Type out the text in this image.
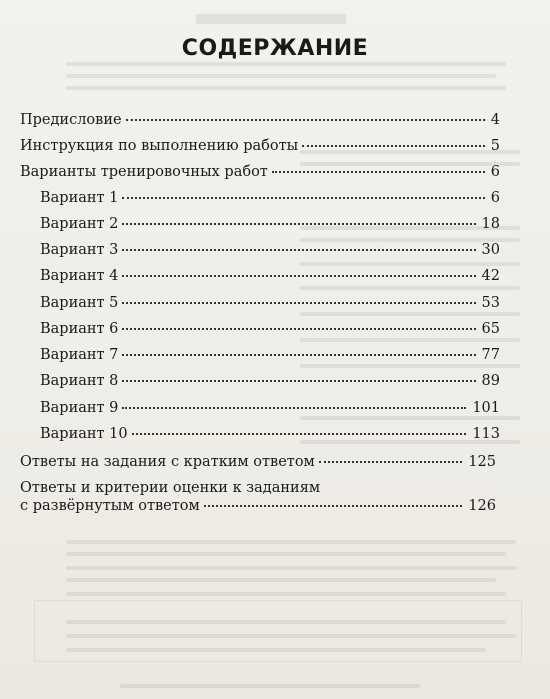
СОДЕРЖАНИЕ
Предисловие	4
Инструкция по выполнению работы	5
Варианты тренировочных работ	6
Вариант 1	6
Вариант 2	18
Вариант 3	30
Вариант 4	42
Вариант 5	53
Вариант 6	65
Вариант 7	77
Вариант 8	89
Вариант 9	101
Вариант 10	113
Ответы на задания с кратким ответом	125
Ответы и критерии оценки к заданиям
с развёрнутым ответом	126
